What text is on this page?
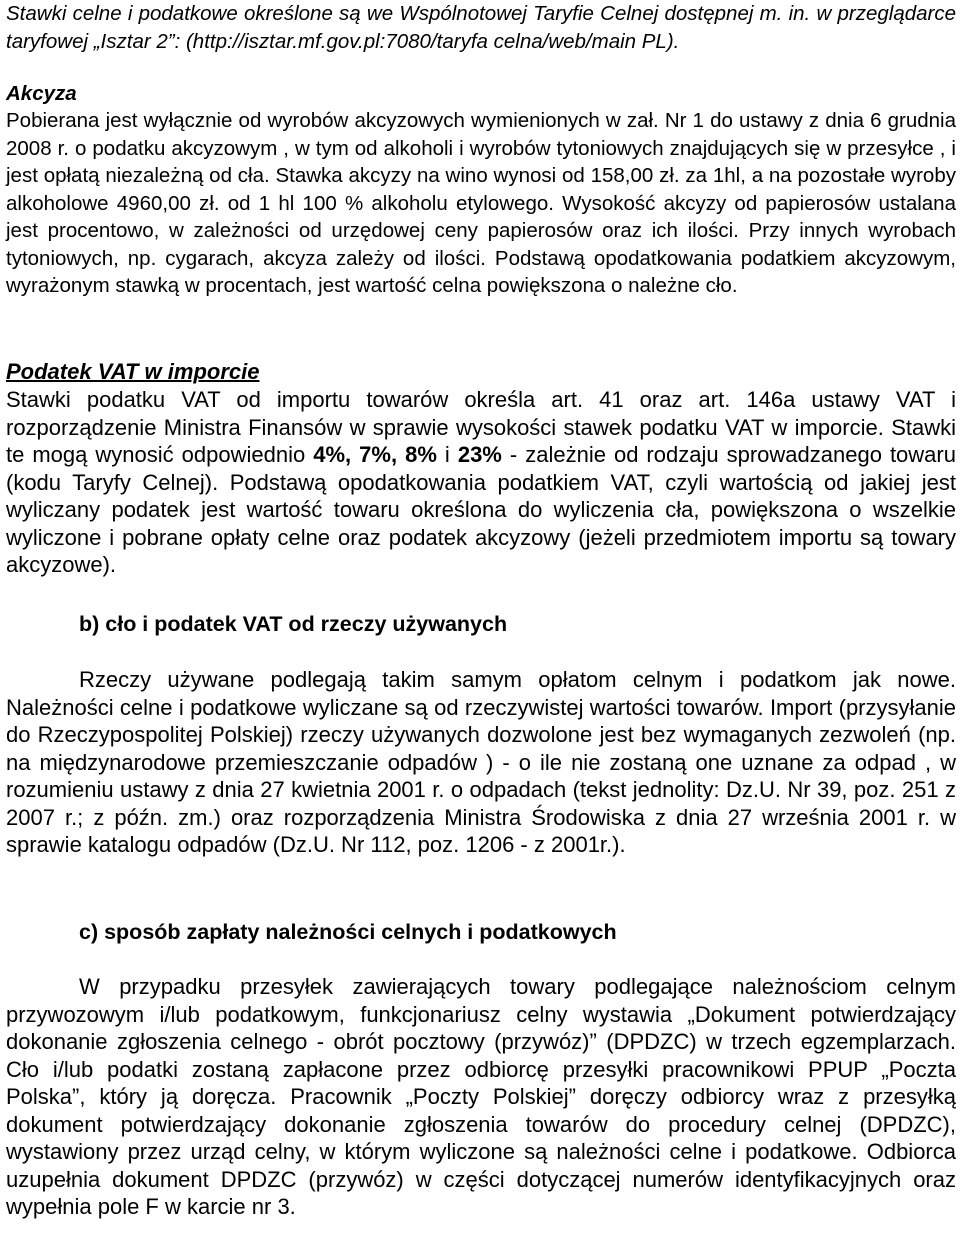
Stawki celne i podatkowe określone są we Wspólnotowej Taryfie Celnej dostępnej m. in. w przeglądarce taryfowej „Isztar 2”: (http://isztar.mf.gov.pl:7080/taryfa celna/web/main PL).

Akcyza

Pobierana jest wyłącznie od wyrobów akcyzowych wymienionych w zał. Nr 1 do ustawy z dnia 6 grudnia 2008 r. o podatku akcyzowym , w tym od alkoholi i wyrobów tytoniowych znajdujących się w przesyłce , i jest opłatą niezależną od cła. Stawka akcyzy na wino wynosi od 158,00 zł. za 1hl, a na pozostałe wyroby alkoholowe 4960,00 zł. od 1 hl 100 % alkoholu etylowego. Wysokość akcyzy od papierosów ustalana jest procentowo, w zależności od urzędowej ceny papierosów oraz ich ilości. Przy innych wyrobach tytoniowych, np. cygarach, akcyza zależy od ilości. Podstawą opodatkowania podatkiem akcyzowym, wyrażonym stawką w procentach, jest wartość celna powiększona o należne cło.

Podatek VAT w imporcie

Stawki podatku VAT od importu towarów określa art. 41 oraz art. 146a ustawy VAT i rozporządzenie Ministra Finansów w sprawie wysokości stawek podatku VAT w imporcie. Stawki te mogą wynosić odpowiednio 4%, 7%, 8% i 23% - zależnie od rodzaju sprowadzanego towaru (kodu Taryfy Celnej). Podstawą opodatkowania podatkiem VAT, czyli wartością od jakiej jest wyliczany podatek jest wartość towaru określona do wyliczenia cła, powiększona o wszelkie wyliczone i pobrane opłaty celne oraz podatek akcyzowy (jeżeli przedmiotem importu są towary akcyzowe).

b) cło i podatek VAT od rzeczy używanych

Rzeczy używane podlegają takim samym opłatom celnym i podatkom jak nowe. Należności celne i podatkowe wyliczane są od rzeczywistej wartości towarów. Import (przysyłanie do Rzeczypospolitej Polskiej) rzeczy używanych dozwolone jest bez wymaganych zezwoleń (np. na międzynarodowe przemieszczanie odpadów ) - o ile nie zostaną one uznane za odpad , w rozumieniu ustawy z dnia 27 kwietnia 2001 r. o odpadach (tekst jednolity: Dz.U. Nr 39, poz. 251 z 2007 r.; z późn. zm.) oraz rozporządzenia Ministra Środowiska z dnia 27 września 2001 r. w sprawie katalogu odpadów (Dz.U. Nr 112, poz. 1206 - z 2001r.).

c) sposób zapłaty należności celnych i podatkowych

W przypadku przesyłek zawierających towary podlegające należnościom celnym przywozowym i/lub podatkowym, funkcjonariusz celny wystawia „Dokument potwierdzający dokonanie zgłoszenia celnego - obrót pocztowy (przywóz)” (DPDZC) w trzech egzemplarzach. Cło i/lub podatki zostaną zapłacone przez odbiorcę przesyłki pracownikowi PPUP „Poczta Polska”, który ją doręcza. Pracownik „Poczty Polskiej” doręczy odbiorcy wraz z przesyłką dokument potwierdzający dokonanie zgłoszenia towarów do procedury celnej (DPDZC), wystawiony przez urząd celny, w którym wyliczone są należności celne i podatkowe. Odbiorca uzupełnia dokument DPDZC (przywóz) w części dotyczącej numerów identyfikacyjnych oraz wypełnia pole F w karcie nr 3.
